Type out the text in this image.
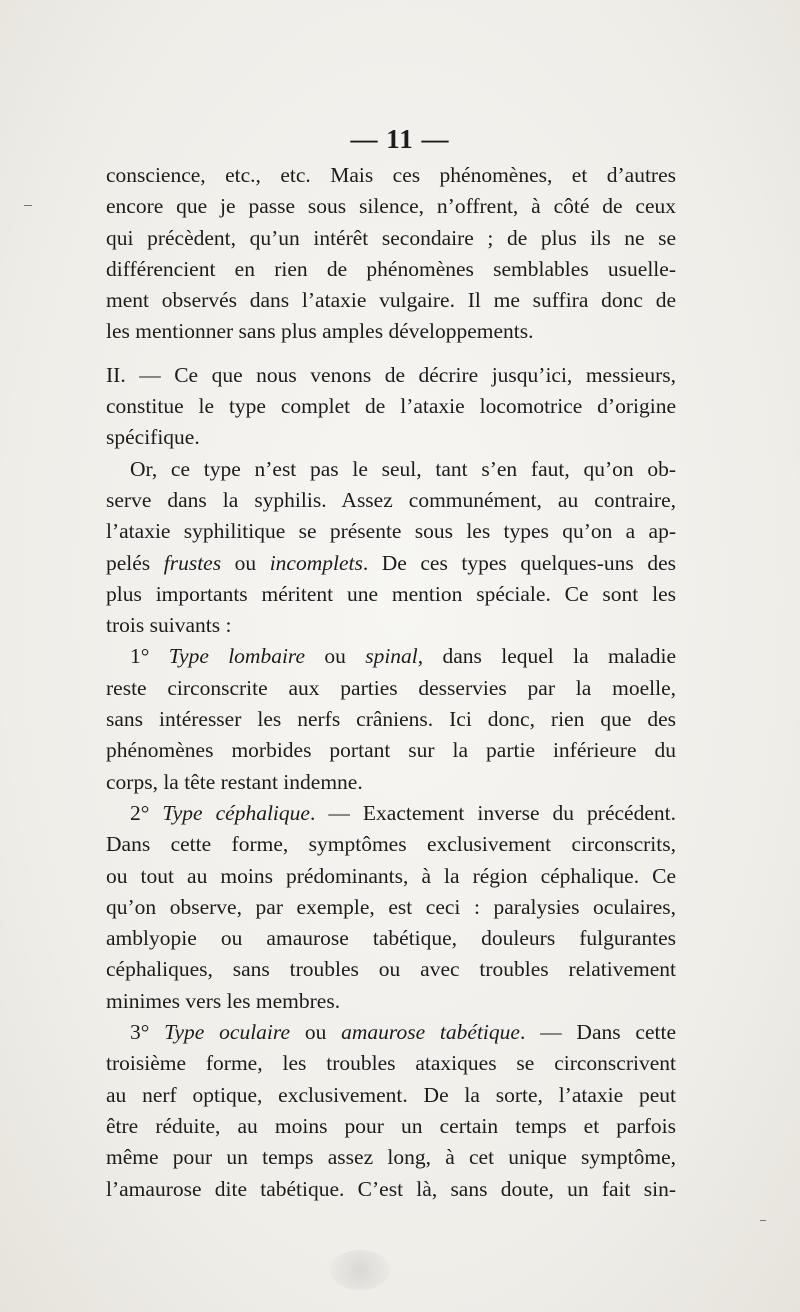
— 11 —
conscience, etc., etc. Mais ces phénomènes, et d’autres
encore que je passe sous silence, n’offrent, à côté de ceux
qui précèdent, qu’un intérêt secondaire ; de plus ils ne se
différencient en rien de phénomènes semblables usuelle-
ment observés dans l’ataxie vulgaire. Il me suffira donc de
les mentionner sans plus amples développements.
II. — Ce que nous venons de décrire jusqu’ici, messieurs,
constitue le type complet de l’ataxie locomotrice d’origine
spécifique.
Or, ce type n’est pas le seul, tant s’en faut, qu’on ob-
serve dans la syphilis. Assez communément, au contraire,
l’ataxie syphilitique se présente sous les types qu’on a ap-
pelés frustes ou incomplets. De ces types quelques-uns des
plus importants méritent une mention spéciale. Ce sont les
trois suivants :
1° Type lombaire ou spinal, dans lequel la maladie
reste circonscrite aux parties desservies par la moelle,
sans intéresser les nerfs crâniens. Ici donc, rien que des
phénomènes morbides portant sur la partie inférieure du
corps, la tête restant indemne.
2° Type céphalique. — Exactement inverse du précédent.
Dans cette forme, symptômes exclusivement circonscrits,
ou tout au moins prédominants, à la région céphalique. Ce
qu’on observe, par exemple, est ceci : paralysies oculaires,
amblyopie ou amaurose tabétique, douleurs fulgurantes
céphaliques, sans troubles ou avec troubles relativement
minimes vers les membres.
3° Type oculaire ou amaurose tabétique. — Dans cette
troisième forme, les troubles ataxiques se circonscrivent
au nerf optique, exclusivement. De la sorte, l’ataxie peut
être réduite, au moins pour un certain temps et parfois
même pour un temps assez long, à cet unique symptôme,
l’amaurose dite tabétique. C’est là, sans doute, un fait sin-
